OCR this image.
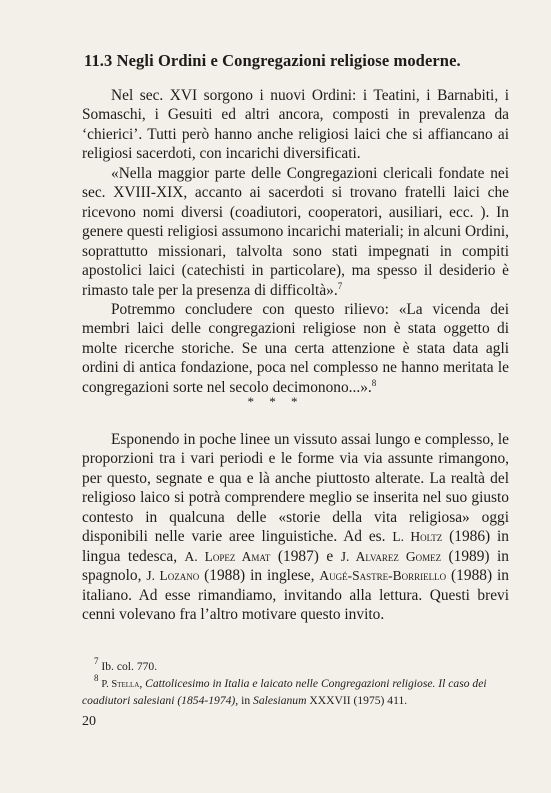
11.3 Negli Ordini e Congregazioni religiose moderne.

Nel sec. XVI sorgono i nuovi Ordini: i Teatini, i Barnabiti, i Somaschi, i Gesuiti ed altri ancora, composti in prevalenza da ‘chierici’. Tutti però hanno anche religiosi laici che si affiancano ai religiosi sacerdoti, con incarichi diversificati.

«Nella maggior parte delle Congregazioni clericali fondate nei sec. XVIII-XIX, accanto ai sacerdoti si trovano fratelli laici che ricevono nomi diversi (coadiutori, cooperatori, ausiliari, ecc. ). In genere questi religiosi assumono incarichi materiali; in alcuni Ordini, soprattutto missionari, talvolta sono stati impegnati in compiti apostolici laici (catechisti in particolare), ma spesso il desiderio è rimasto tale per la presenza di difficoltà».$^7$

Potremmo concludere con questo rilievo: «La vicenda dei membri laici delle congregazioni religiose non è stata oggetto di molte ricerche storiche. Se una certa attenzione è stata data agli ordini di antica fondazione, poca nel complesso ne hanno meritata le congregazioni sorte nel secolo decimonono...».$^8$

* * *

Esponendo in poche linee un vissuto assai lungo e complesso, le proporzioni tra i vari periodi e le forme via via assunte rimangono, per questo, segnate e qua e là anche piuttosto alterate. La realtà del religioso laico si potrà comprendere meglio se inserita nel suo giusto contesto in qualcuna delle «storie della vita religiosa» oggi disponibili nelle varie aree linguistiche. Ad es. L. Holtz (1986) in lingua tedesca, A. Lopez Amat (1987) e J. Alvarez Gomez (1989) in spagnolo, J. Lozano (1988) in inglese, Augé-Sastre-Borriello (1988) in italiano. Ad esse rimandiamo, invitando alla lettura. Questi brevi cenni volevano fra l’altro motivare questo invito.

$^7$ Ib. col. 770.

$^8$ P. Stella, Cattolicesimo in Italia e laicato nelle Congregazioni religiose. Il caso dei coadiutori salesiani (1854-1974), in Salesianum XXXVII (1975) 411.

20
